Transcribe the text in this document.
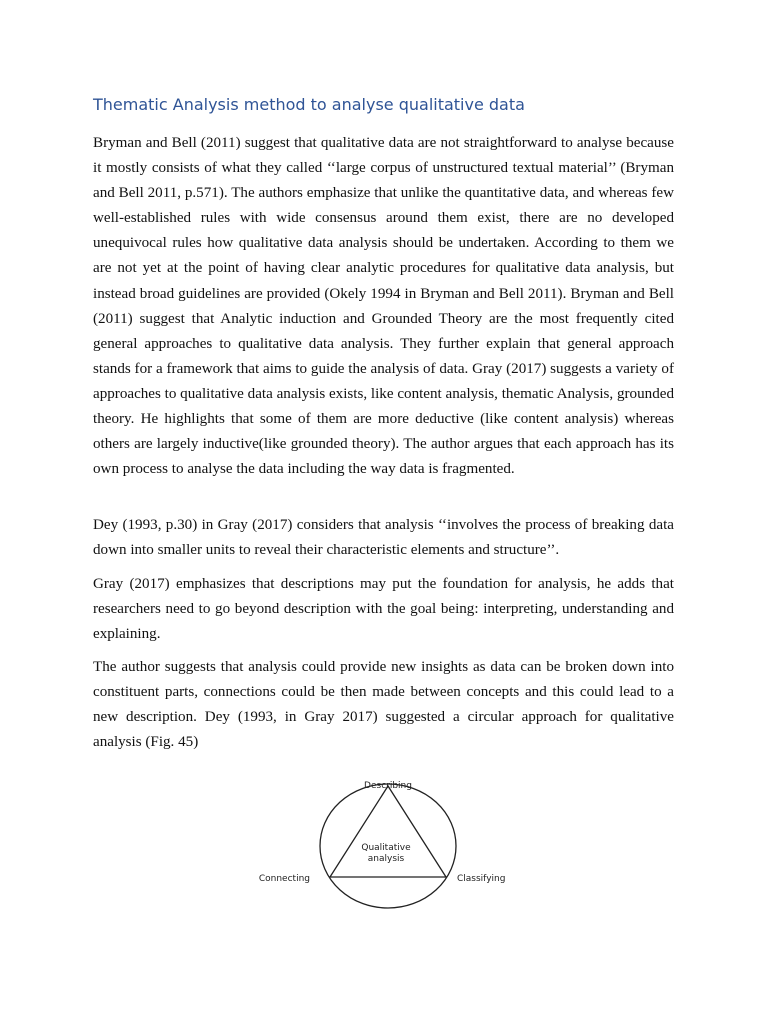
Thematic Analysis method to analyse qualitative data

Bryman and Bell (2011) suggest that qualitative data are not straightforward to analyse because it mostly consists of what they called ‘‘large corpus of unstructured textual material’’ (Bryman and Bell 2011, p.571). The authors emphasize that unlike the quantitative data, and whereas few well-established rules with wide consensus around them exist, there are no developed unequivocal rules how qualitative data analysis should be undertaken. According to them we are not yet at the point of having clear analytic procedures for qualitative data analysis, but instead broad guidelines are provided (Okely 1994 in Bryman and Bell 2011). Bryman and Bell (2011) suggest that Analytic induction and Grounded Theory are the most frequently cited general approaches to qualitative data analysis. They further explain that general approach stands for a framework that aims to guide the analysis of data. Gray (2017) suggests a variety of approaches to qualitative data analysis exists, like content analysis, thematic Analysis, grounded theory. He highlights that some of them are more deductive (like content analysis) whereas others are largely inductive(like grounded theory). The author argues that each approach has its own process to analyse the data including the way data is fragmented.

Dey (1993, p.30) in Gray (2017) considers that analysis ‘‘involves the process of breaking data down into smaller units to reveal their characteristic elements and structure’’.

Gray (2017) emphasizes that descriptions may put the foundation for analysis, he adds that researchers need to go beyond description with the goal being: interpreting, understanding and explaining.

The author suggests that analysis could provide new insights as data can be broken down into constituent parts, connections could be then made between concepts and this could lead to a new description. Dey (1993, in Gray 2017) suggested a circular approach for qualitative analysis (Fig. 45)

Describing
Qualitative
analysis
Connecting	Classifying
